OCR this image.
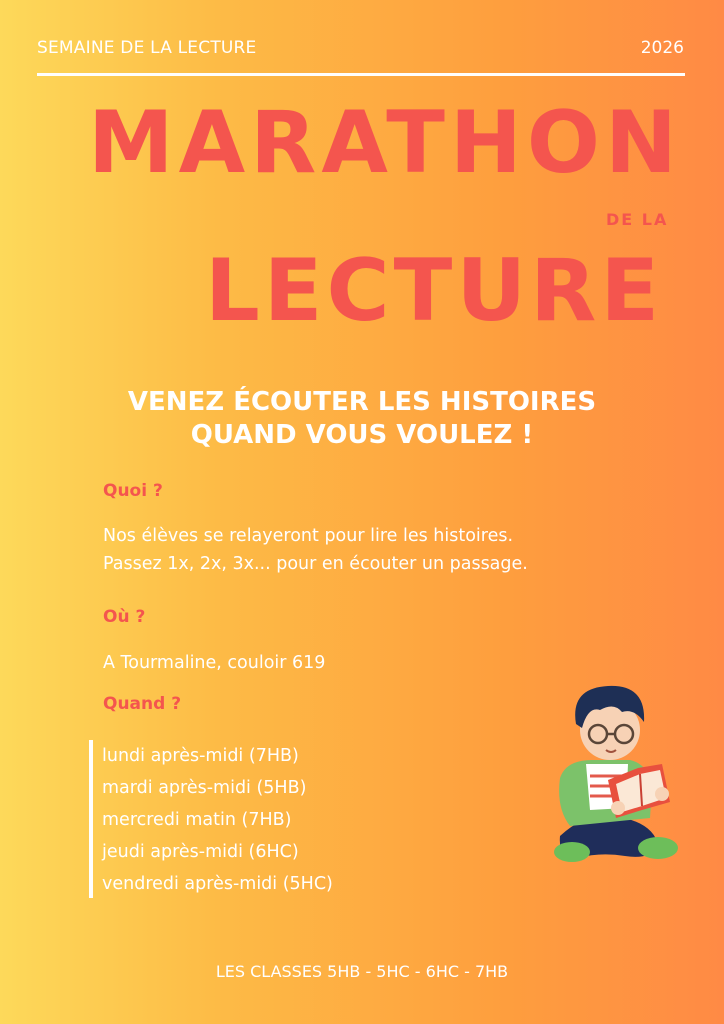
SEMAINE DE LA LECTURE	2026
MARATHON
DE LA
LECTURE
VENEZ ÉCOUTER LES HISTOIRES
QUAND VOUS VOULEZ !
Quoi ?
Nos élèves se relayeront pour lire les histoires.
Passez 1x, 2x, 3x... pour en écouter un passage.
Où ?
A Tourmaline, couloir 619
Quand ?
lundi après-midi (7HB)
mardi après-midi (5HB)
mercredi matin (7HB)
jeudi après-midi (6HC)
vendredi après-midi (5HC)
LES CLASSES 5HB - 5HC - 6HC - 7HB
